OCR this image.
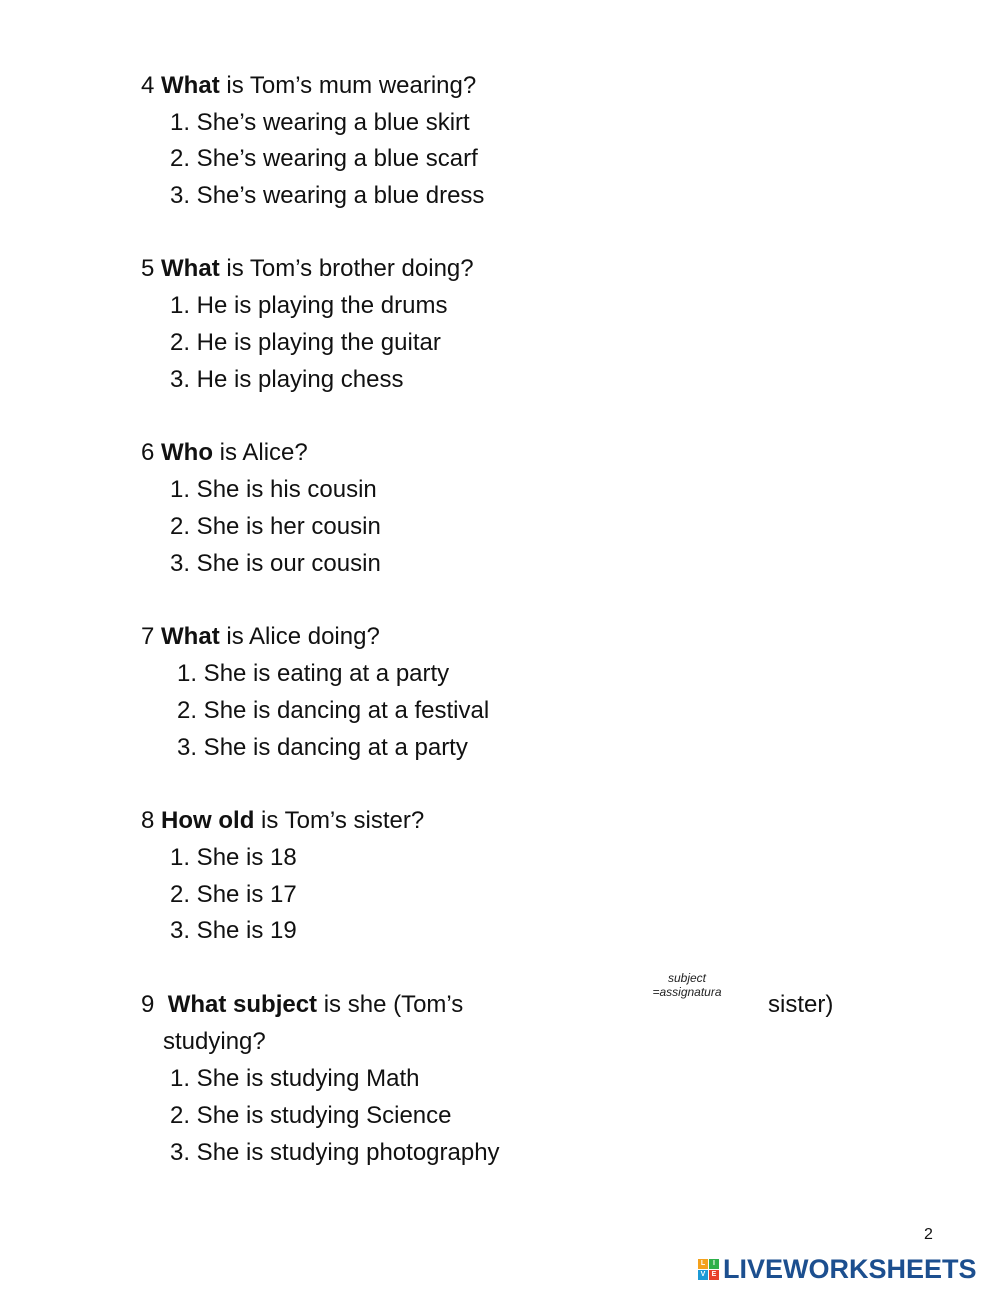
4 What is Tom’s mum wearing?
1. She’s wearing a blue skirt
2. She’s wearing a blue scarf
3. She’s wearing a blue dress
5 What is Tom’s brother doing?
1. He is playing the drums
2. He is playing the guitar
3. He is playing chess
6 Who is Alice?
1. She is his cousin
2. She is her cousin
3. She is our cousin
7 What is Alice doing?
1. She is eating at a party
2. She is dancing at a festival
3. She is dancing at a party
8 How old is Tom’s sister?
1. She is 18
2. She is 17
3. She is 19
9 What subject is she (Tom’s	sister)
studying?
subject
=assignatura
1. She is studying Math
2. She is studying Science
3. She is studying photography
2
L	I
V E LIVEWORKSHEETS
